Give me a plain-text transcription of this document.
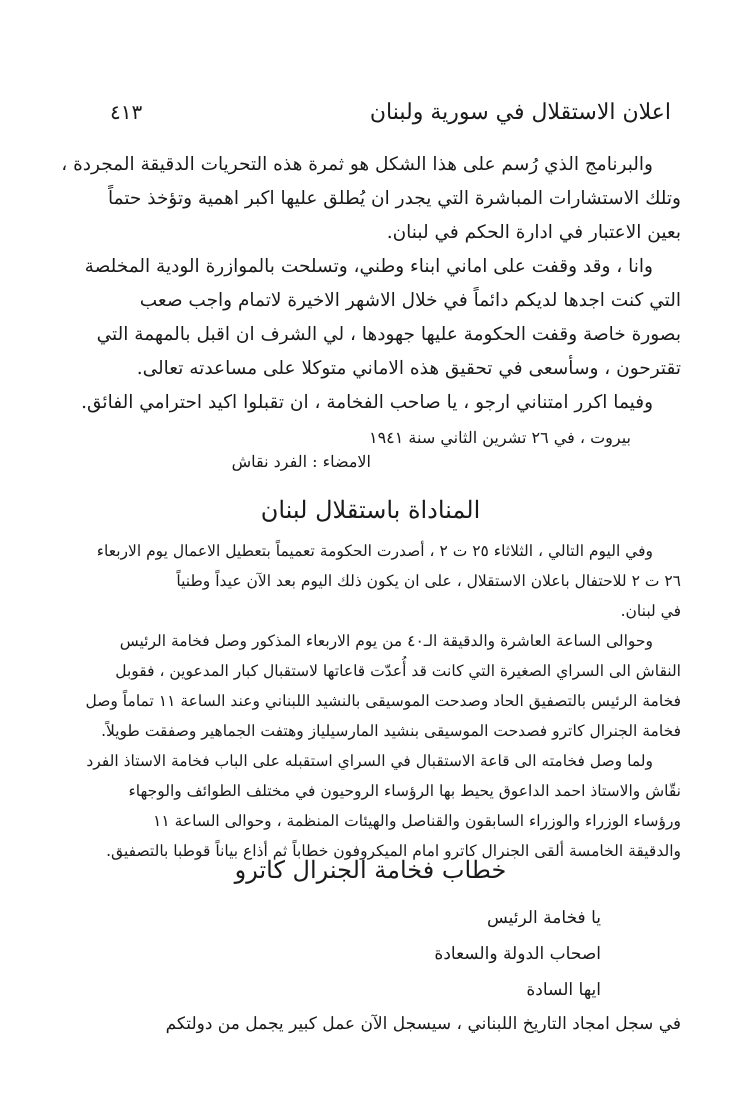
اعلان الاستقلال في سورية ولبنان
٤١٣
والبرنامج الذي رُسم على هذا الشكل هو ثمرة هذه التحريات الدقيقة المجردة ،
وتلك الاستشارات المباشرة التي يجدر ان يُطلق عليها اكبر اهمية وتؤخذ حتماً
بعين الاعتبار في ادارة الحكم في لبنان.
وانا ، وقد وقفت على اماني ابناء وطني، وتسلحت بالموازرة الودية المخلصة
التي كنت اجدها لديكم دائماً في خلال الاشهر الاخيرة لاتمام واجب صعب
بصورة خاصة وقفت الحكومة عليها جهودها ، لي الشرف ان اقبل بالمهمة التي
تقترحون ، وسأسعى في تحقيق هذه الاماني متوكلا على مساعدته تعالى.
وفيما اكرر امتناني ارجو ، يا صاحب الفخامة ، ان تقبلوا اكيد احترامي الفائق.
بيروت ، في ٢٦ تشرين الثاني سنة ١٩٤١
الامضاء : الفرد نقاش
المناداة باستقلال لبنان
وفي اليوم التالي ، الثلاثاء ٢٥ ت ٢ ، أصدرت الحكومة تعميماً بتعطيل الاعمال يوم الاربعاء
٢٦ ت ٢ للاحتفال باعلان الاستقلال ، على ان يكون ذلك اليوم بعد الآن عيداً وطنياً
في لبنان.
وحوالى الساعة العاشرة والدقيقة الـ٤٠ من يوم الاربعاء المذكور وصل فخامة الرئيس
النقاش الى السراي الصغيرة التي كانت قد أُعدّت قاعاتها لاستقبال كبار المدعوين ، فقوبل
فخامة الرئيس بالتصفيق الحاد وصدحت الموسيقى بالنشيد اللبناني وعند الساعة ١١ تماماً وصل
فخامة الجنرال كاترو فصدحت الموسيقى بنشيد المارسيلياز وهتفت الجماهير وصفقت طويلاً.
ولما وصل فخامته الى قاعة الاستقبال في السراي استقبله على الباب فخامة الاستاذ الفرد
نقّاش والاستاذ احمد الداعوق يحيط بها الرؤساء الروحيون في مختلف الطوائف والوجهاء
ورؤساء الوزراء والوزراء السابقون والقناصل والهيئات المنظمة ، وحوالى الساعة ١١
والدقيقة الخامسة ألقى الجنرال كاترو امام الميكروفون خطاباً ثم أذاع بياناً قوطبا بالتصفيق.
خطاب فخامة الجنرال كاترو
يا فخامة الرئيس
اصحاب الدولة والسعادة
ايها السادة
في سجل امجاد التاريخ اللبناني ، سيسجل الآن عمل كبير يجمل من دولتكم
